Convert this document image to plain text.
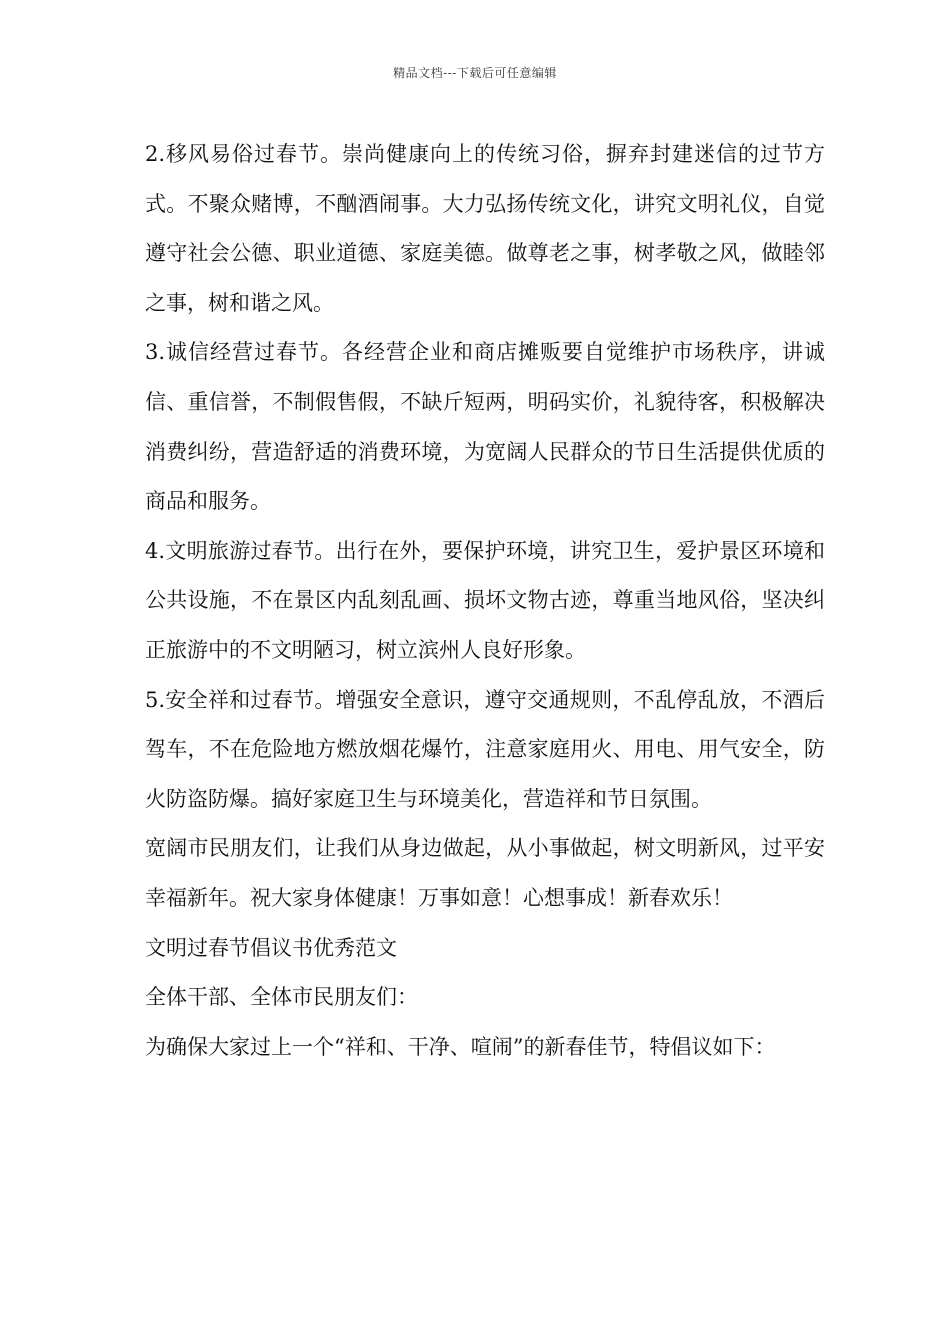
精品文档---下载后可任意编辑

2.移风易俗过春节。崇尚健康向上的传统习俗，摒弃封建迷信的过节方式。不聚众赌博，不酗酒闹事。大力弘扬传统文化，讲究文明礼仪，自觉遵守社会公德、职业道德、家庭美德。做尊老之事，树孝敬之风，做睦邻之事，树和谐之风。

3.诚信经营过春节。各经营企业和商店摊贩要自觉维护市场秩序，讲诚信、重信誉，不制假售假，不缺斤短两，明码实价，礼貌待客，积极解决消费纠纷，营造舒适的消费环境，为宽阔人民群众的节日生活提供优质的商品和服务。

4.文明旅游过春节。出行在外，要保护环境，讲究卫生，爱护景区环境和公共设施，不在景区内乱刻乱画、损坏文物古迹，尊重当地风俗，坚决纠正旅游中的不文明陋习，树立滨州人良好形象。

5.安全祥和过春节。增强安全意识，遵守交通规则，不乱停乱放，不酒后驾车，不在危险地方燃放烟花爆竹，注意家庭用火、用电、用气安全，防火防盗防爆。搞好家庭卫生与环境美化，营造祥和节日氛围。

宽阔市民朋友们，让我们从身边做起，从小事做起，树文明新风，过平安幸福新年。祝大家身体健康！万事如意！心想事成！新春欢乐！

文明过春节倡议书优秀范文

全体干部、全体市民朋友们：

为确保大家过上一个“祥和、干净、喧闹”的新春佳节，特倡议如下：
